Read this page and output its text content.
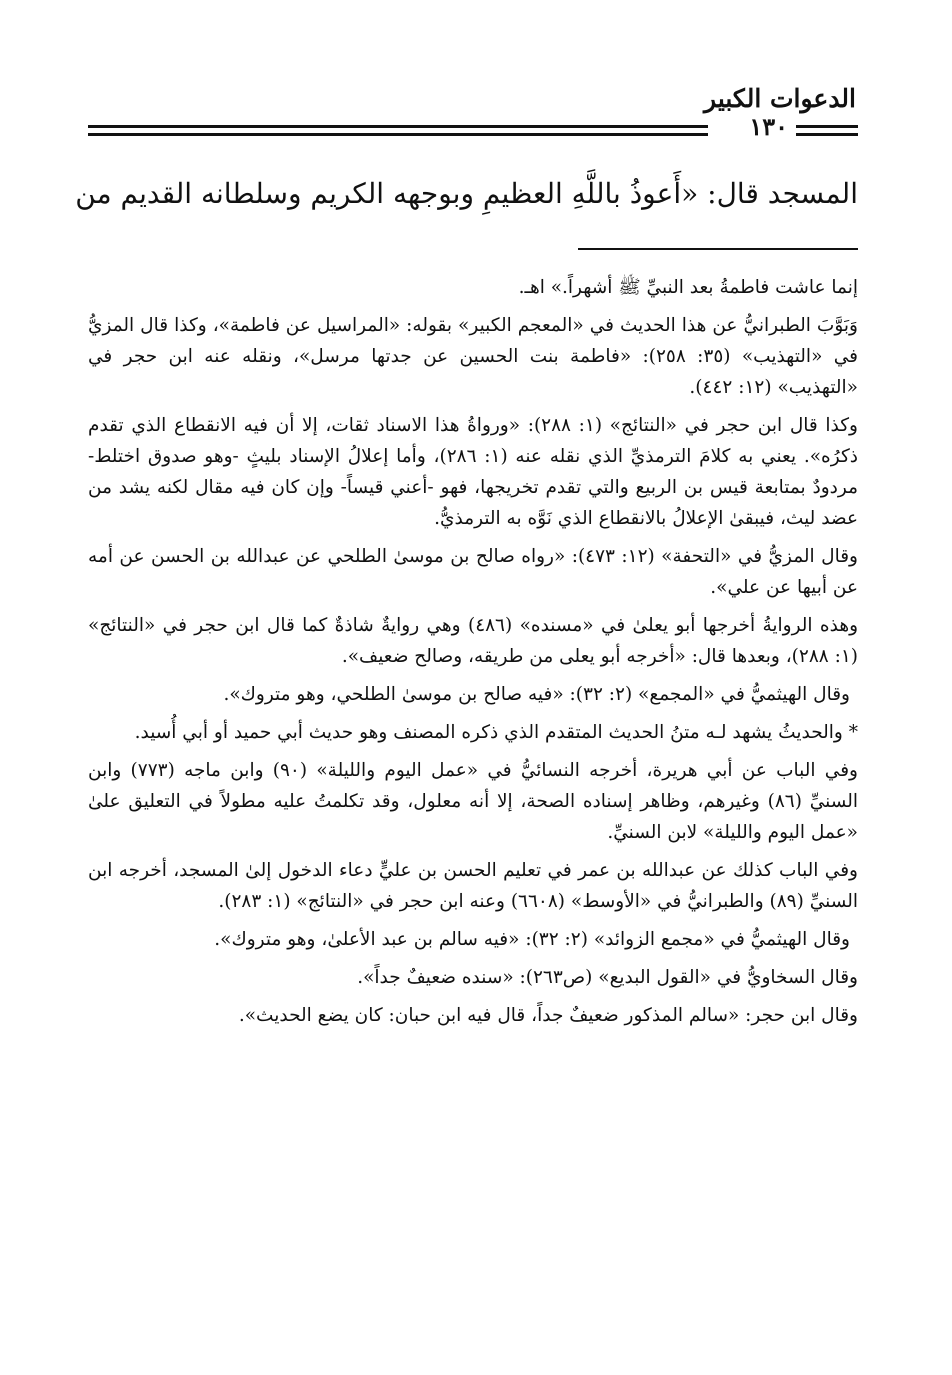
الدعوات الكبير
١٣٠
المسجد قال: «أَعوذُ باللَّهِ العظيمِ وبوجهه الكريم وسلطانه القديم من

إنما عاشت فاطمةُ بعد النبيِّ ﷺ أشهراً.» اهـ.

وَبَوَّبَ الطبرانيُّ عن هذا الحديث في «المعجم الكبير» بقوله: «المراسيل عن فاطمة»، وكذا قال المزيُّ في «التهذيب» (٣٥: ٢٥٨): «فاطمة بنت الحسين عن جدتها مرسل»، ونقله عنه ابن حجر في «التهذيب» (١٢: ٤٤٢).

وكذا قال ابن حجر في «النتائج» (١: ٢٨٨): «ورواةُ هذا الاسناد ثقات، إلا أن فيه الانقطاع الذي تقدم ذكرُه». يعني به كلامَ الترمذيِّ الذي نقله عنه (١: ٢٨٦)، وأما إعلالُ الإسناد بليثٍ -وهو صدوق اختلط- مردودٌ بمتابعة قيس بن الربيع والتي تقدم تخريجها، فهو -أعني قيساً- وإن كان فيه مقال لكنه يشد من عضد ليث، فيبقىٰ الإعلالُ بالانقطاع الذي نَوَّه به الترمذيُّ.

وقال المزيُّ في «التحفة» (١٢: ٤٧٣): «رواه صالح بن موسىٰ الطلحي عن عبدالله بن الحسن عن أمه عن أبيها عن علي».

وهذه الروايةُ أخرجها أبو يعلىٰ في «مسنده» (٤٨٦) وهي روايةٌ شاذةٌ كما قال ابن حجر في «النتائج» (١: ٢٨٨)، وبعدها قال: «أخرجه أبو يعلى من طريقه، وصالح ضعيف».

وقال الهيثميُّ في «المجمع» (٢: ٣٢): «فيه صالح بن موسىٰ الطلحي، وهو متروك».

* والحديثُ يشهد لـه متنُ الحديث المتقدم الذي ذكره المصنف وهو حديث أبي حميد أو أبي أُسيد.

وفي الباب عن أبي هريرة، أخرجه النسائيُّ في «عمل اليوم والليلة» (٩٠) وابن ماجه (٧٧٣) وابن السنيِّ (٨٦) وغيرهم، وظاهر إسناده الصحة، إلا أنه معلول، وقد تكلمتُ عليه مطولاً في التعليق علىٰ «عمل اليوم والليلة» لابن السنيِّ.

وفي الباب كذلك عن عبدالله بن عمر في تعليم الحسن بن عليٍّ دعاء الدخول إلىٰ المسجد، أخرجه ابن السنيِّ (٨٩) والطبرانيُّ في «الأوسط» (٦٦٠٨) وعنه ابن حجر في «النتائج» (١: ٢٨٣).

وقال الهيثميُّ في «مجمع الزوائد» (٢: ٣٢): «فيه سالم بن عبد الأعلىٰ، وهو متروك».

وقال السخاويُّ في «القول البديع» (ص٢٦٣): «سنده ضعيفٌ جداً».

وقال ابن حجر: «سالم المذكور ضعيفٌ جداً، قال فيه ابن حبان: كان يضع الحديث».
